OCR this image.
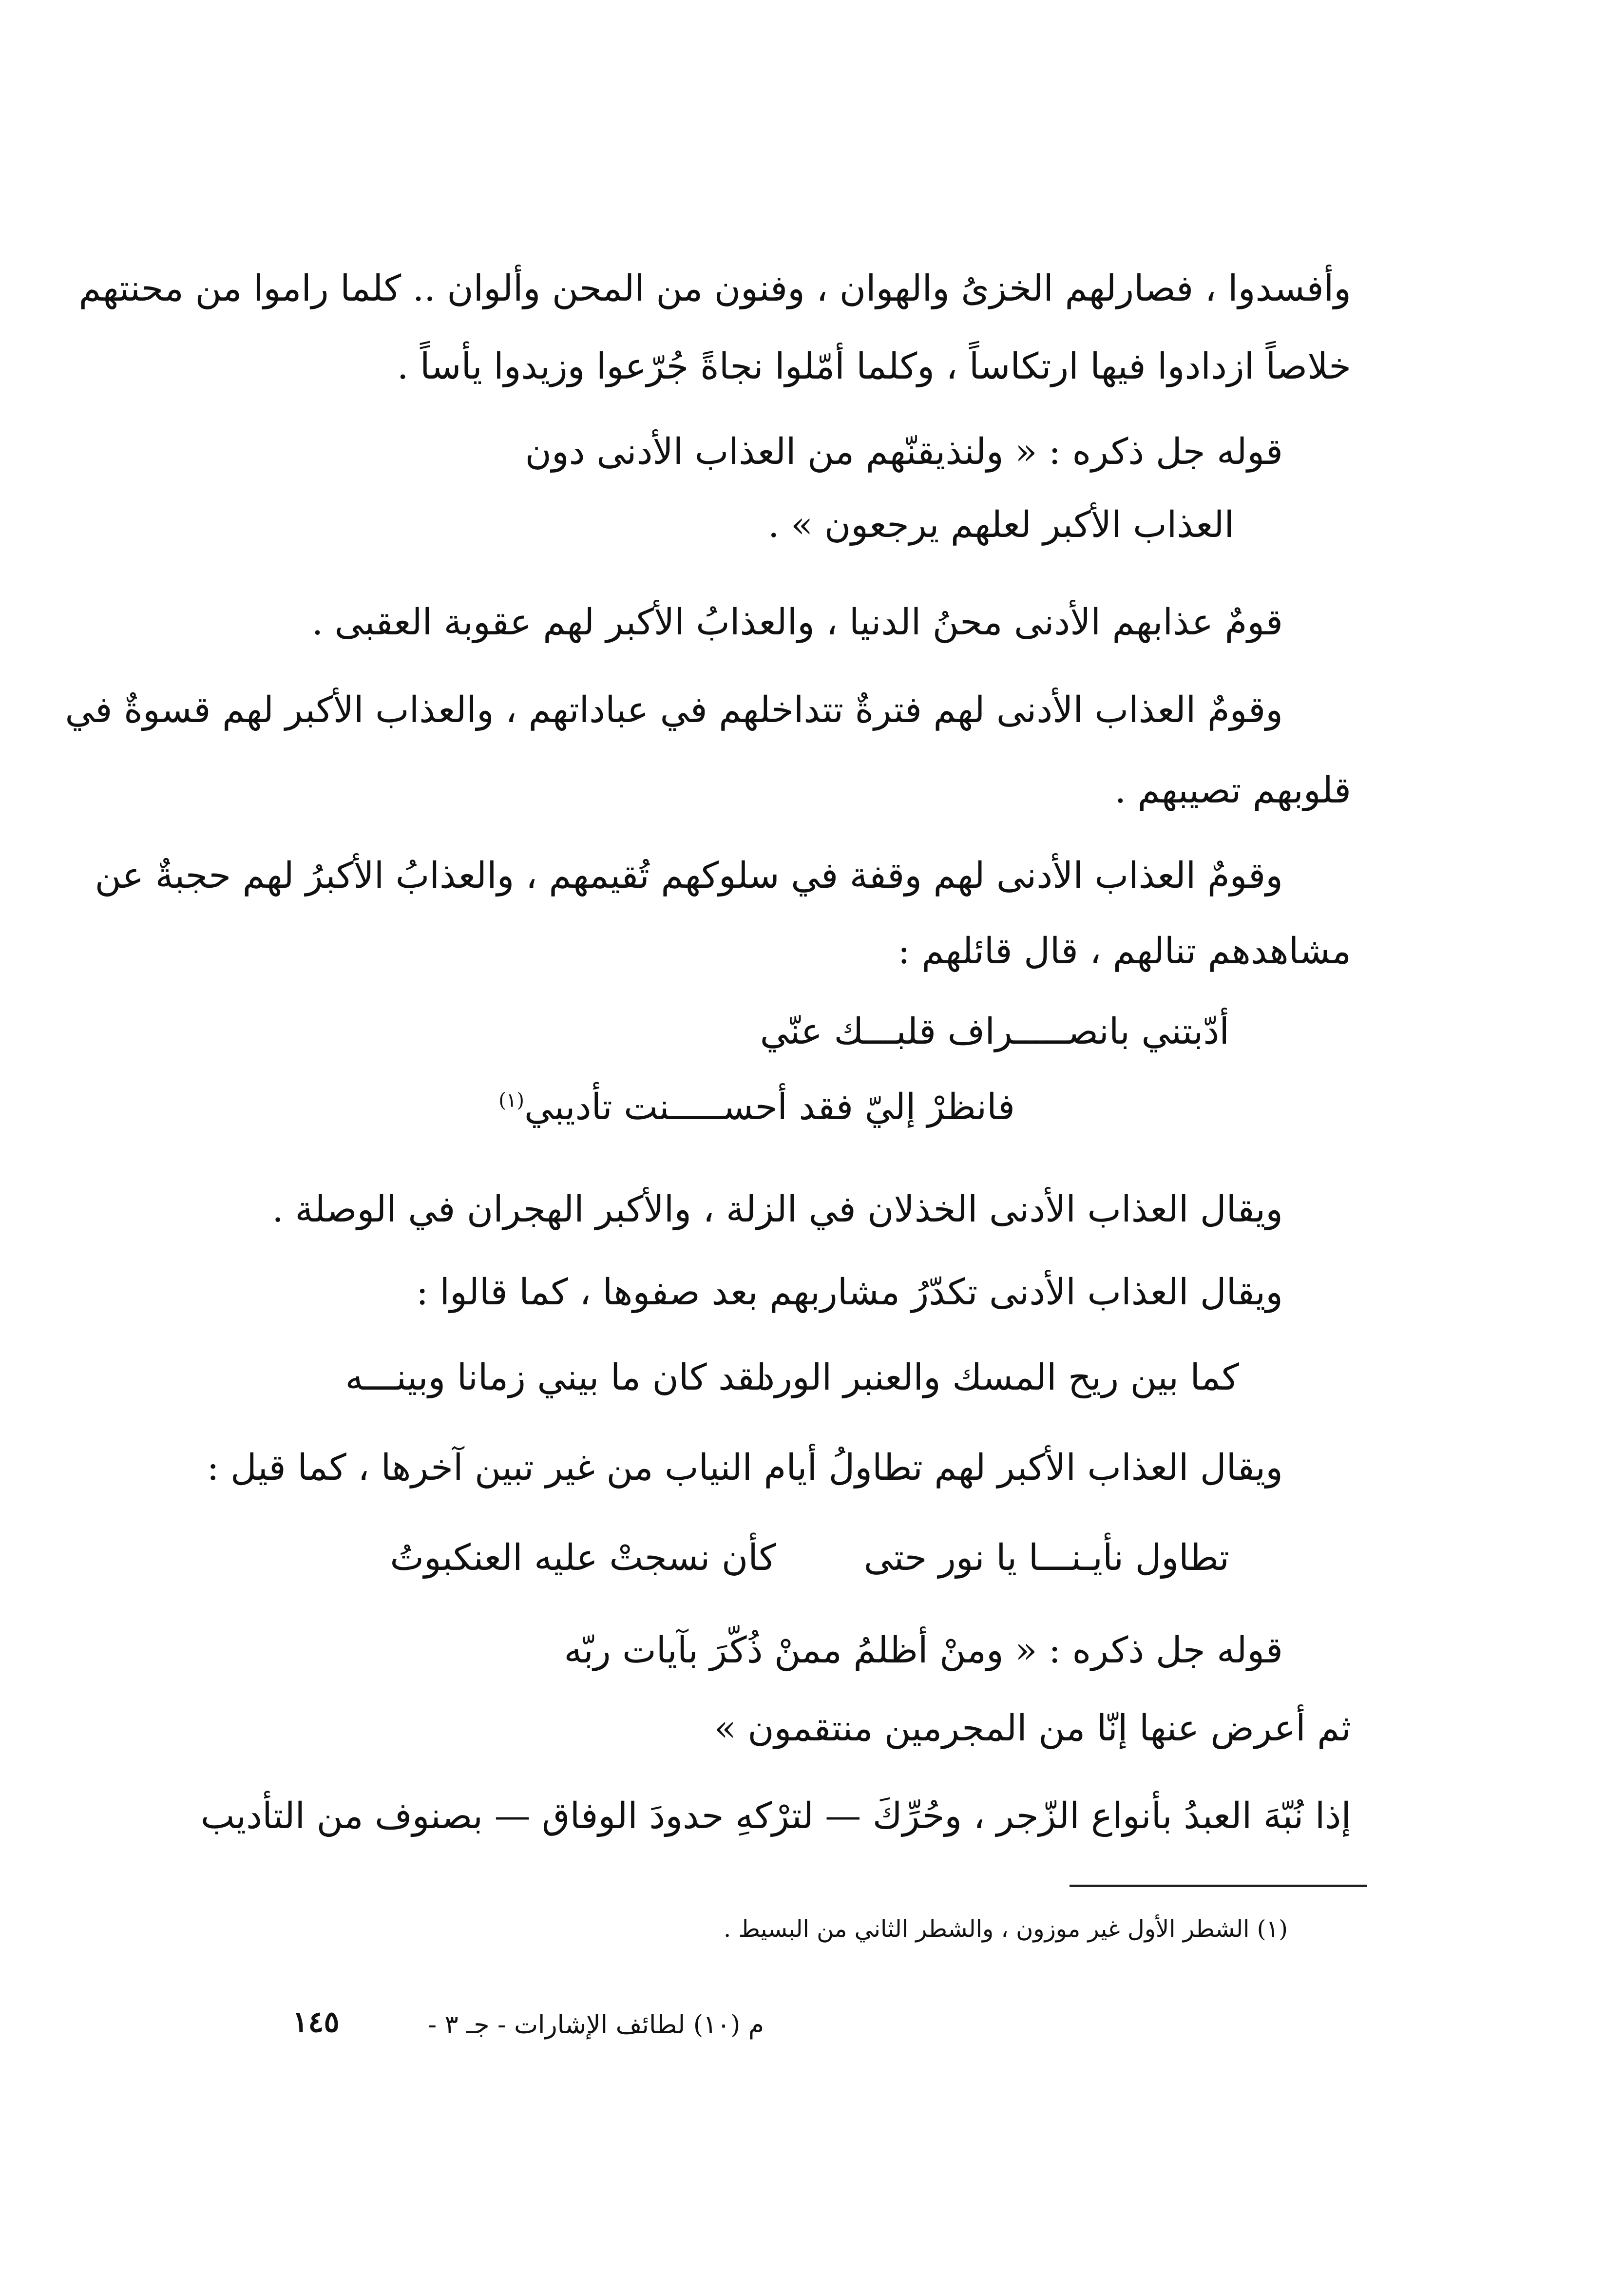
وأفسدوا ، فصارلهم الخزىُ والهوان ، وفنون من المحن وألوان .. كلما راموا من محنتهم
خلاصاً ازدادوا فيها ارتكاساً ، وكلما أمّلوا نجاةً جُرّعوا وزيدوا يأساً .
قوله جل ذكره : « ولنذيقنّهم من العذاب الأدنى دون
العذاب الأكبر لعلهم يرجعون » .
قومٌ عذابهم الأدنى محنُ الدنيا ، والعذابُ الأكبر لهم عقوبة العقبى .
وقومٌ العذاب الأدنى لهم فترةٌ تتداخلهم في عباداتهم ، والعذاب الأكبر لهم قسوةٌ في
قلوبهم تصيبهم .
وقومٌ العذاب الأدنى لهم وقفة في سلوكهم تُقيمهم ، والعذابُ الأكبرُ لهم حجبةٌ عن
مشاهدهم تنالهم ، قال قائلهم :
أدّبتني بانصـــــراف قلبـــك عنّي
فانظرْ إليّ فقد أحســـــنت تأديبي$^{(١)}$
ويقال العذاب الأدنى الخذلان في الزلة ، والأكبر الهجران في الوصلة .
ويقال العذاب الأدنى تكدّرُ مشاربهم بعد صفوها ، كما قالوا :
كما بين ريح المسك والعنبر الورد
لقد كان ما بيني زمانا وبينـــه
ويقال العذاب الأكبر لهم تطاولُ أيام النياب من غير تبين آخرها ، كما قيل :
تطاول نأيـنـــا يا نور حتى
كأن نسجتْ عليه العنكبوتُ
قوله جل ذكره : « ومنْ أظلمُ ممنْ ذُكّرَ بآيات ربّه
ثم أعرض عنها إنّا من المجرمين منتقمون »
إذا نُبّهَ العبدُ بأنواع الزّجر ، وحُرِّكَ — لترْكهِ حدودَ الوفاق — بصنوف من التأديب
(١) الشطر الأول غير موزون ، والشطر الثاني من البسيط .
م (١٠) لطائف الإشارات - جـ ٣ -
١٤٥
